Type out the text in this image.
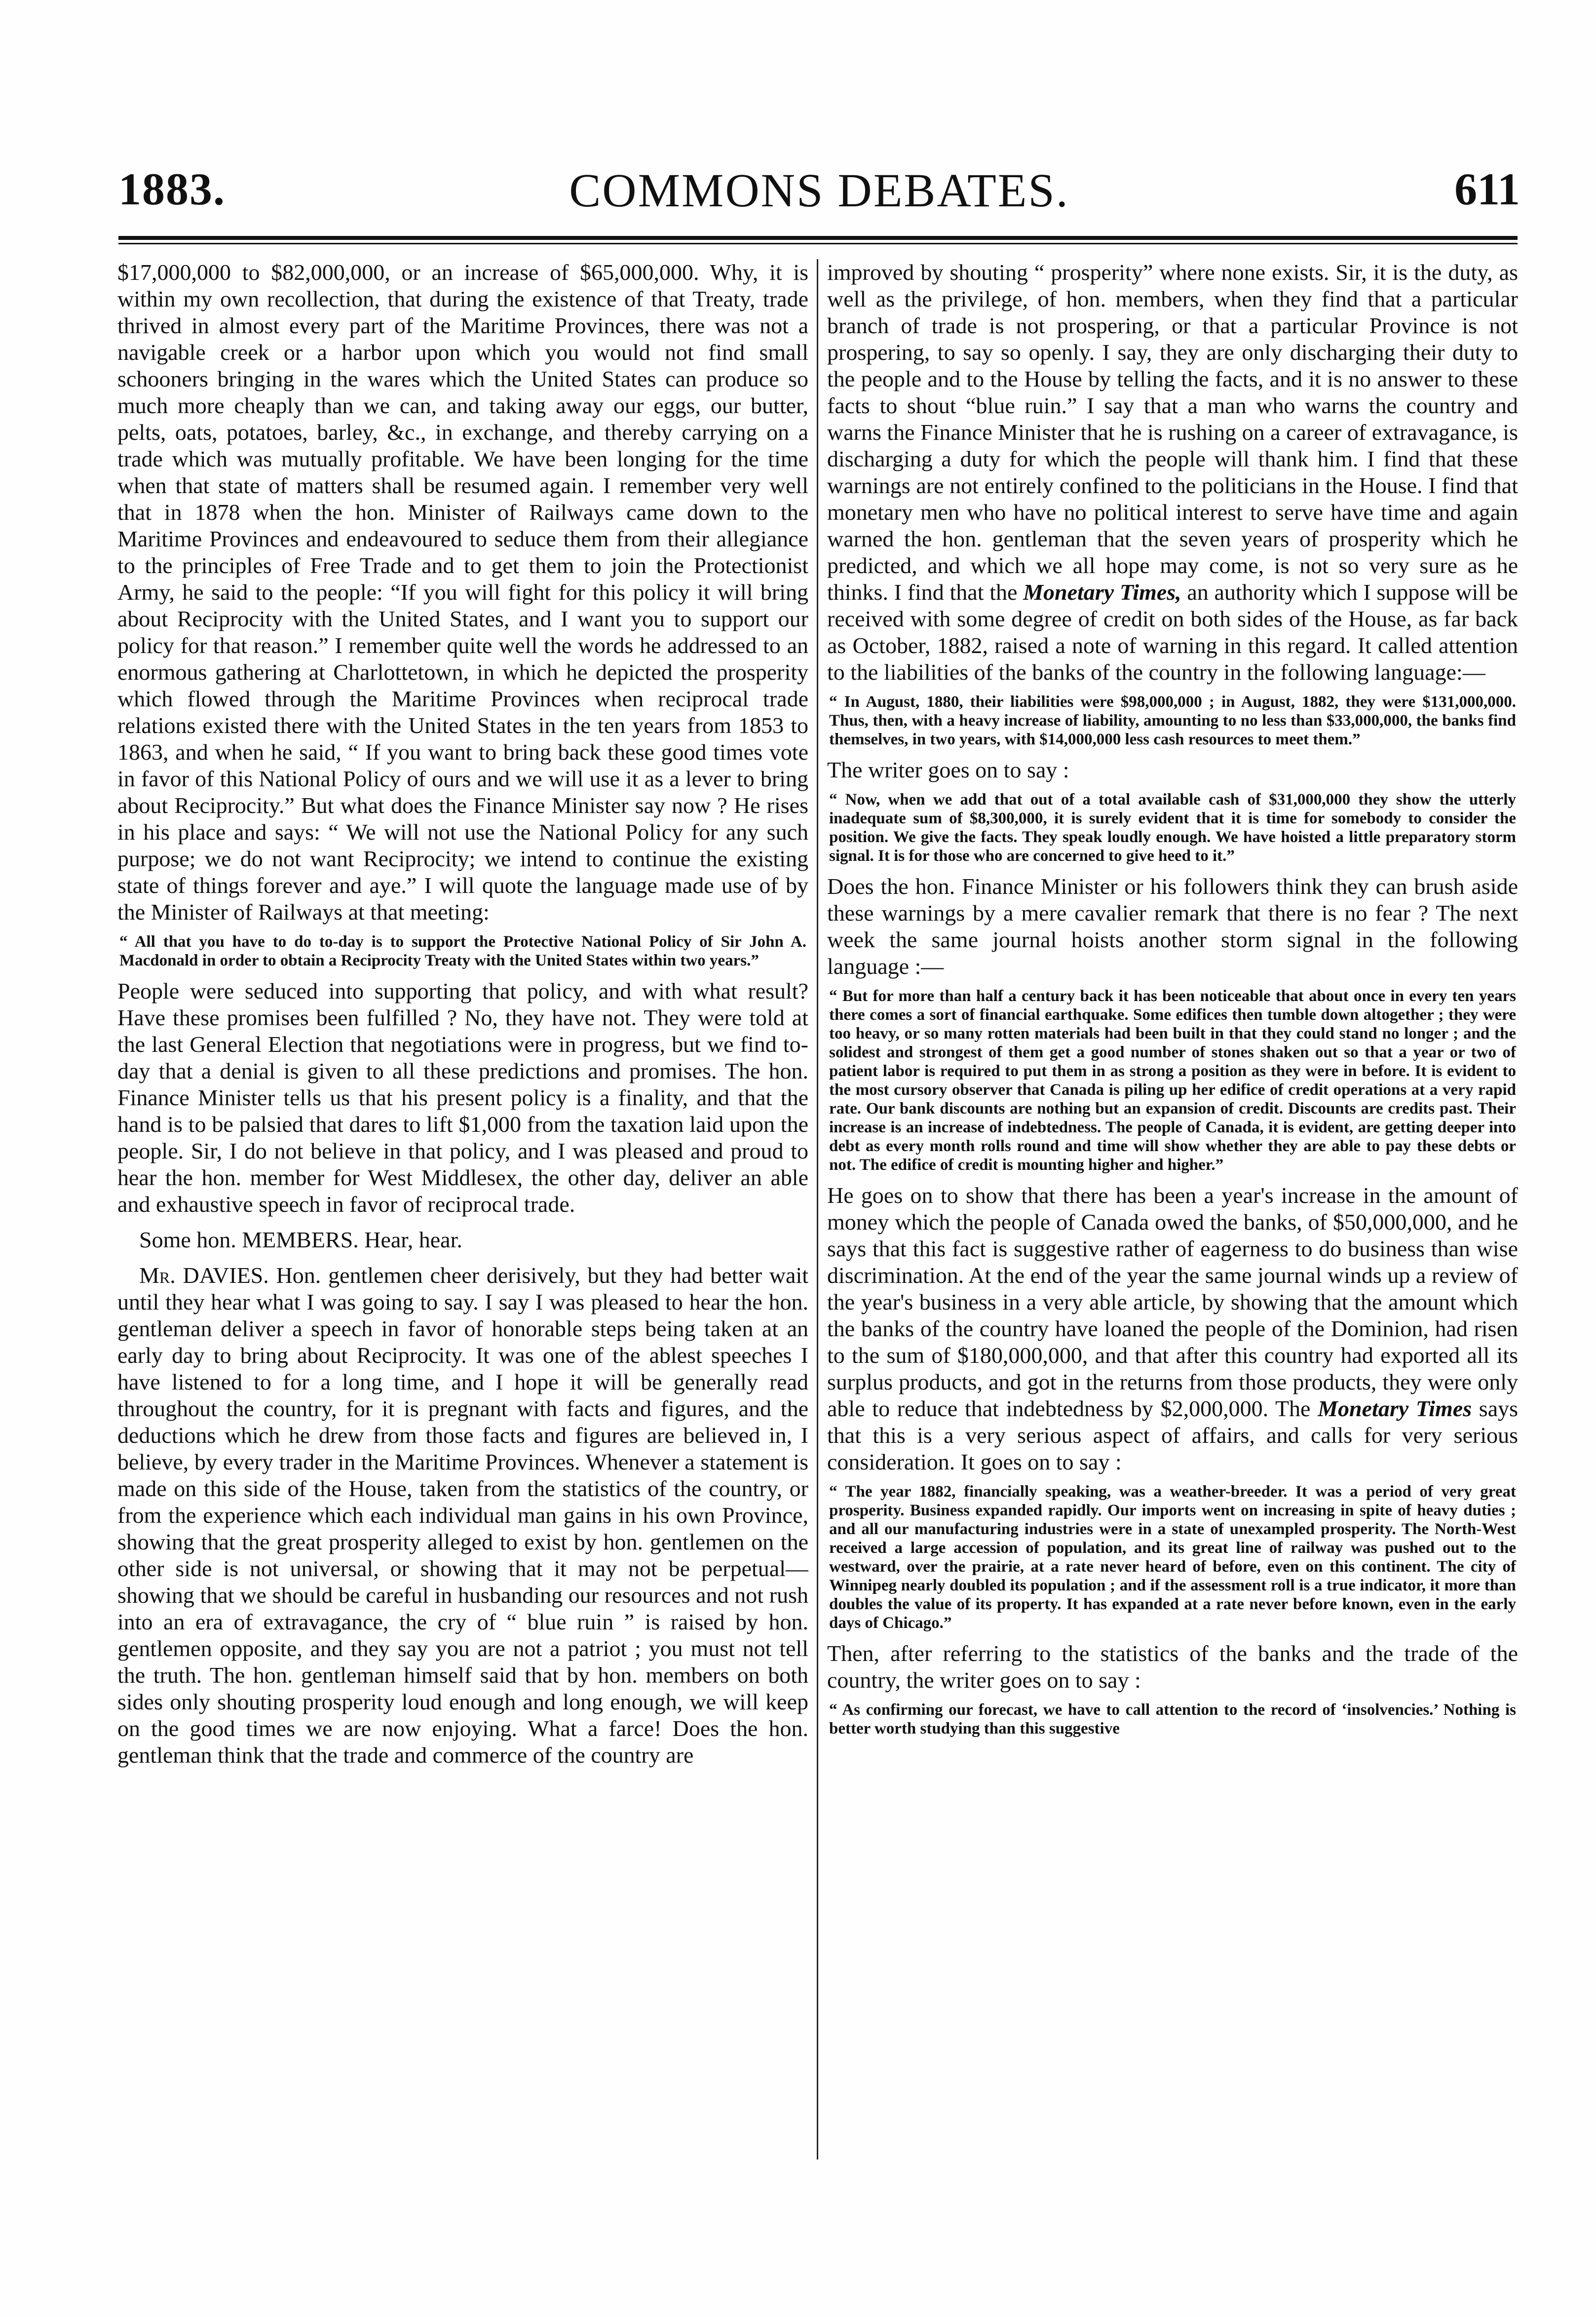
1883.	COMMONS DEBATES.	611

$17,000,000 to $82,000,000, or an increase of $65,000,000. Why, it is within my own recollection, that during the existence of that Treaty, trade thrived in almost every part of the Maritime Provinces, there was not a navigable creek or a harbor upon which you would not find small schooners bringing in the wares which the United States can produce so much more cheaply than we can, and taking away our eggs, our butter, pelts, oats, potatoes, barley, &c., in exchange, and thereby carrying on a trade which was mutually profitable. We have been longing for the time when that state of matters shall be resumed again. I remember very well that in 1878 when the hon. Minister of Railways came down to the Maritime Provinces and endeavoured to seduce them from their allegiance to the principles of Free Trade and to get them to join the Protectionist Army, he said to the people: “If you will fight for this policy it will bring about Reciprocity with the United States, and I want you to support our policy for that reason.” I remember quite well the words he addressed to an enormous gathering at Charlottetown, in which he depicted the prosperity which flowed through the Maritime Provinces when reciprocal trade relations existed there with the United States in the ten years from 1853 to 1863, and when he said, “ If you want to bring back these good times vote in favor of this National Policy of ours and we will use it as a lever to bring about Reciprocity.” But what does the Finance Minister say now ? He rises in his place and says: “ We will not use the National Policy for any such purpose; we do not want Reciprocity; we intend to continue the existing state of things forever and aye.” I will quote the language made use of by the Minister of Railways at that meeting:

“ All that you have to do to-day is to support the Protective National Policy of Sir John A. Macdonald in order to obtain a Reciprocity Treaty with the United States within two years.”

People were seduced into supporting that policy, and with what result? Have these promises been fulfilled ? No, they have not. They were told at the last General Election that negotiations were in progress, but we find to-day that a denial is given to all these predictions and promises. The hon. Finance Minister tells us that his present policy is a finality, and that the hand is to be palsied that dares to lift $1,000 from the taxation laid upon the people. Sir, I do not believe in that policy, and I was pleased and proud to hear the hon. member for West Middlesex, the other day, deliver an able and exhaustive speech in favor of reciprocal trade.

Some hon. MEMBERS. Hear, hear.

Mr. DAVIES. Hon. gentlemen cheer derisively, but they had better wait until they hear what I was going to say. I say I was pleased to hear the hon. gentleman deliver a speech in favor of honorable steps being taken at an early day to bring about Reciprocity. It was one of the ablest speeches I have listened to for a long time, and I hope it will be generally read throughout the country, for it is pregnant with facts and figures, and the deductions which he drew from those facts and figures are believed in, I believe, by every trader in the Maritime Provinces. Whenever a statement is made on this side of the House, taken from the statistics of the country, or from the experience which each individual man gains in his own Province, showing that the great prosperity alleged to exist by hon. gentlemen on the other side is not universal, or showing that it may not be perpetual—showing that we should be careful in husbanding our resources and not rush into an era of extravagance, the cry of “ blue ruin ” is raised by hon. gentlemen opposite, and they say you are not a patriot ; you must not tell the truth. The hon. gentleman himself said that by hon. members on both sides only shouting prosperity loud enough and long enough, we will keep on the good times we are now enjoying. What a farce! Does the hon. gentleman think that the trade and commerce of the country are

improved by shouting “ prosperity” where none exists. Sir, it is the duty, as well as the privilege, of hon. members, when they find that a particular branch of trade is not prospering, or that a particular Province is not prospering, to say so openly. I say, they are only discharging their duty to the people and to the House by telling the facts, and it is no answer to these facts to shout “blue ruin.” I say that a man who warns the country and warns the Finance Minister that he is rushing on a career of extravagance, is discharging a duty for which the people will thank him. I find that these warnings are not entirely confined to the politicians in the House. I find that monetary men who have no political interest to serve have time and again warned the hon. gentleman that the seven years of prosperity which he predicted, and which we all hope may come, is not so very sure as he thinks. I find that the Monetary Times, an authority which I suppose will be received with some degree of credit on both sides of the House, as far back as October, 1882, raised a note of warning in this regard. It called attention to the liabilities of the banks of the country in the following language:—

“ In August, 1880, their liabilities were $98,000,000 ; in August, 1882, they were $131,000,000. Thus, then, with a heavy increase of liability, amounting to no less than $33,000,000, the banks find themselves, in two years, with $14,000,000 less cash resources to meet them.”

The writer goes on to say :

“ Now, when we add that out of a total available cash of $31,000,000 they show the utterly inadequate sum of $8,300,000, it is surely evident that it is time for somebody to consider the position. We give the facts. They speak loudly enough. We have hoisted a little preparatory storm signal. It is for those who are concerned to give heed to it.”

Does the hon. Finance Minister or his followers think they can brush aside these warnings by a mere cavalier remark that there is no fear ? The next week the same journal hoists another storm signal in the following language :—

“ But for more than half a century back it has been noticeable that about once in every ten years there comes a sort of financial earthquake. Some edifices then tumble down altogether ; they were too heavy, or so many rotten materials had been built in that they could stand no longer ; and the solidest and strongest of them get a good number of stones shaken out so that a year or two of patient labor is required to put them in as strong a position as they were in before. It is evident to the most cursory observer that Canada is piling up her edifice of credit operations at a very rapid rate. Our bank discounts are nothing but an expansion of credit. Discounts are credits past. Their increase is an increase of indebtedness. The people of Canada, it is evident, are getting deeper into debt as every month rolls round and time will show whether they are able to pay these debts or not. The edifice of credit is mounting higher and higher.”

He goes on to show that there has been a year's increase in the amount of money which the people of Canada owed the banks, of $50,000,000, and he says that this fact is suggestive rather of eagerness to do business than wise discrimination. At the end of the year the same journal winds up a review of the year's business in a very able article, by showing that the amount which the banks of the country have loaned the people of the Dominion, had risen to the sum of $180,000,000, and that after this country had exported all its surplus products, and got in the returns from those products, they were only able to reduce that indebtedness by $2,000,000. The Monetary Times says that this is a very serious aspect of affairs, and calls for very serious consideration. It goes on to say :

“ The year 1882, financially speaking, was a weather-breeder. It was a period of very great prosperity. Business expanded rapidly. Our imports went on increasing in spite of heavy duties ; and all our manufacturing industries were in a state of unexampled prosperity. The North-West received a large accession of population, and its great line of railway was pushed out to the westward, over the prairie, at a rate never heard of before, even on this continent. The city of Winnipeg nearly doubled its population ; and if the assessment roll is a true indicator, it more than doubles the value of its property. It has expanded at a rate never before known, even in the early days of Chicago.”

Then, after referring to the statistics of the banks and the trade of the country, the writer goes on to say :

“ As confirming our forecast, we have to call attention to the record of ‘insolvencies.’ Nothing is better worth studying than this suggestive
